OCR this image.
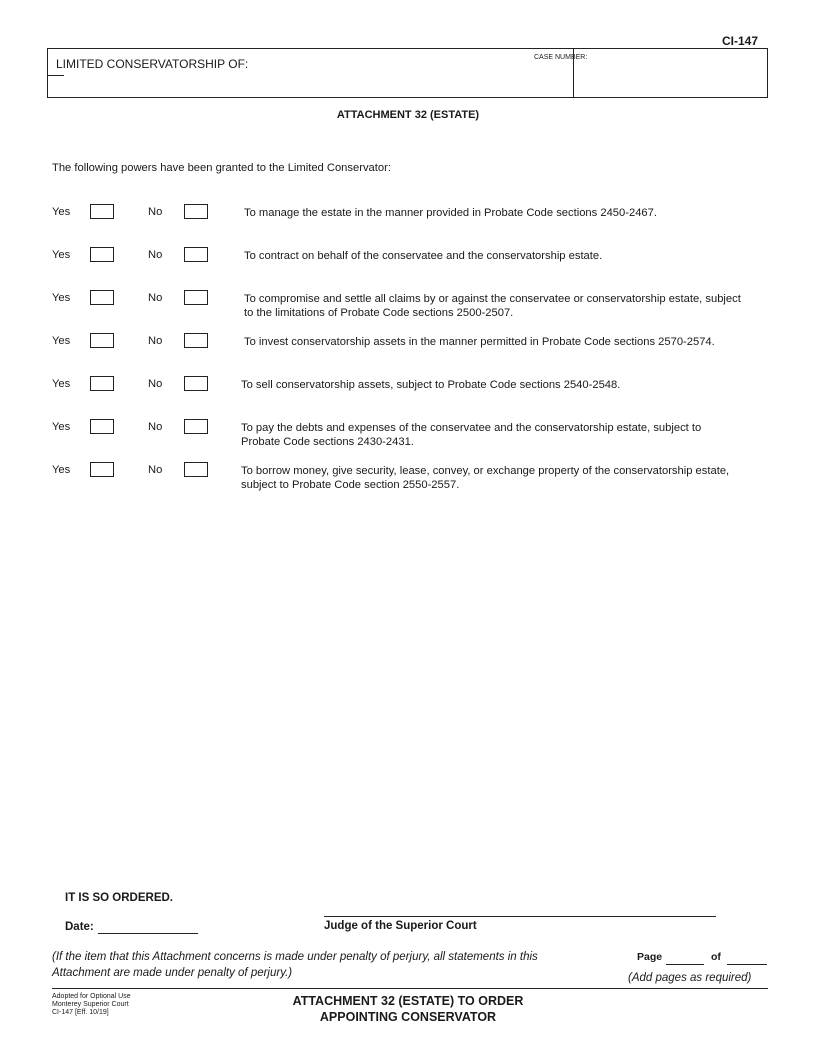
CI-147
LIMITED CONSERVATORSHIP OF:	CASE NUMBER:
ATTACHMENT 32 (ESTATE)
The following powers have been granted to the Limited Conservator:
Yes	No	To manage the estate in the manner provided in Probate Code sections 2450-2467.
Yes	No	To contract on behalf of the conservatee and the conservatorship estate.
Yes	No	To compromise and settle all claims by or against the conservatee or conservatorship estate, subject
to the limitations of Probate Code sections 2500-2507.
Yes	No	To invest conservatorship assets in the manner permitted in Probate Code sections 2570-2574.
Yes	No	To sell conservatorship assets, subject to Probate Code sections 2540-2548.
Yes	No	To pay the debts and expenses of the conservatee and the conservatorship estate, subject to
Probate Code sections 2430-2431.
Yes	No	To borrow money, give security, lease, convey, or exchange property of the conservatorship estate,
subject to Probate Code section 2550-2557.
IT IS SO ORDERED.
Date:	Judge of the Superior Court
(If the item that this Attachment concerns is made under penalty of perjury, all statements in this
Attachment are made under penalty of perjury.)
Page	of
(Add pages as required)
Adopted for Optional Use
Monterey Superior Court
CI-147 [Eff. 10/19]
ATTACHMENT 32 (ESTATE) TO ORDER
APPOINTING CONSERVATOR
